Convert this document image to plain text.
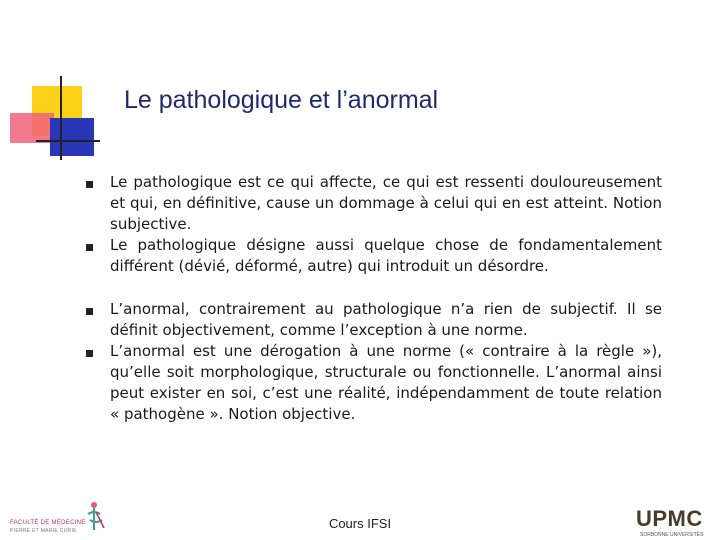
Le pathologique et l’anormal
Le pathologique est ce qui affecte, ce qui est ressenti douloureusement et qui, en définitive, cause un dommage à celui qui en est atteint. Notion subjective.
Le pathologique désigne aussi quelque chose de fondamentalement différent (dévié, déformé, autre) qui introduit un désordre.
L’anormal, contrairement au pathologique n’a rien de subjectif. Il se définit objectivement, comme l’exception à une norme.
L’anormal est une dérogation à une norme (« contraire à la règle »), qu’elle soit morphologique, structurale ou fonctionnelle. L’anormal ainsi peut exister en soi, c’est une réalité, indépendamment de toute relation « pathogène ». Notion objective.
FACULTÉ DE MÉDECINE
PIERRE ET MARIE CURIE	Cours IFSI	UPMC
SORBONNE UNIVERSITÉS
